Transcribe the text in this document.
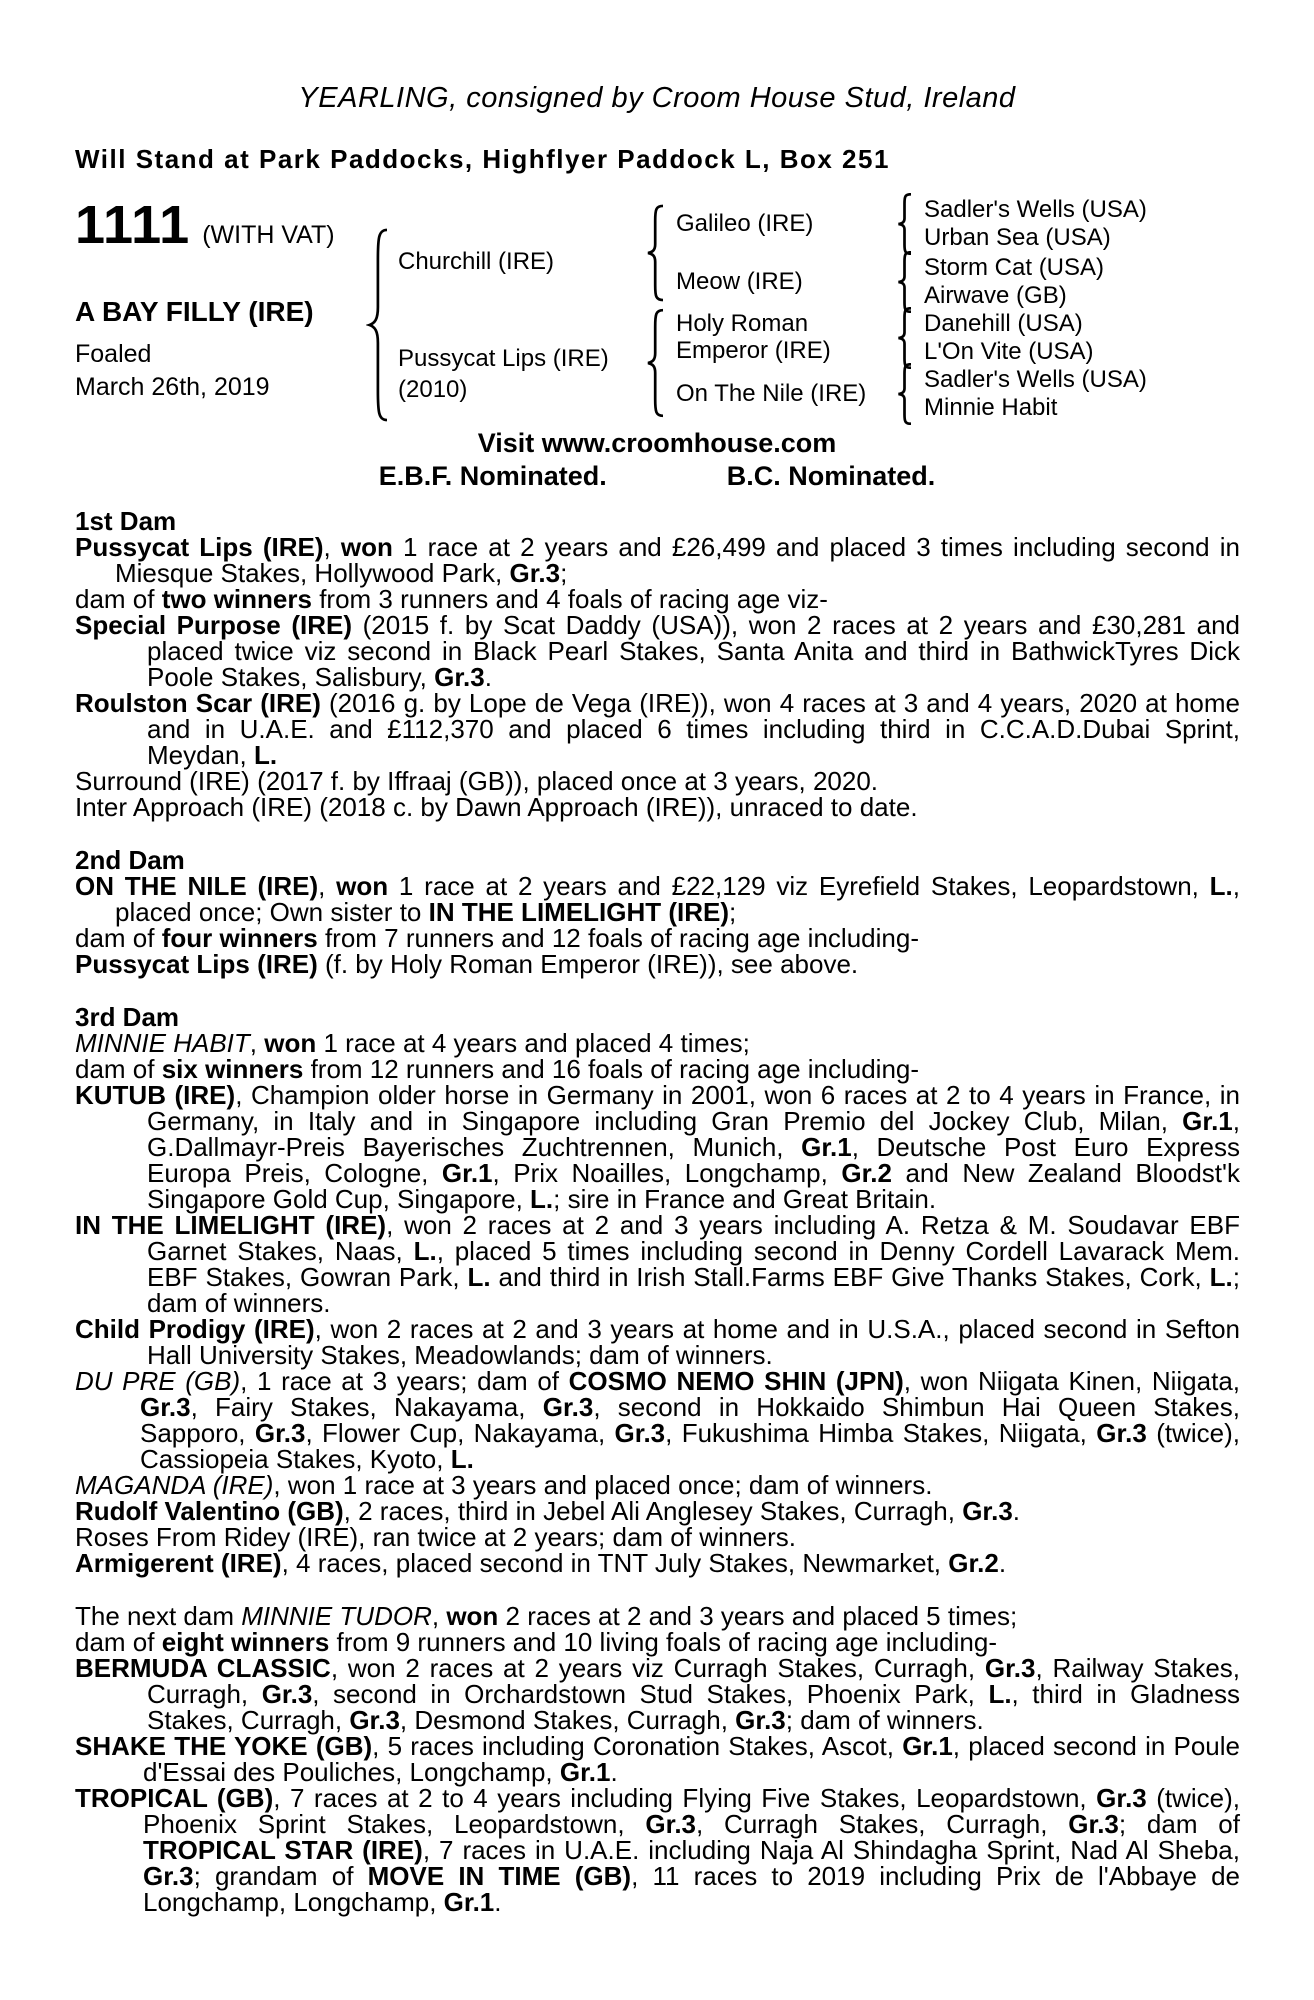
YEARLING, consigned by Croom House Stud, Ireland
Will Stand at Park Paddocks, Highflyer Paddock L, Box 251
1111 (WITH VAT)
A BAY FILLY (IRE)
Foaled
March 26th, 2019
Churchill (IRE)
Pussycat Lips (IRE)
(2010)
Galileo (IRE)
Meow (IRE)
Holy Roman Emperor (IRE)
On The Nile (IRE)
Sadler's Wells (USA)
Urban Sea (USA)
Storm Cat (USA)
Airwave (GB)
Danehill (USA)
L'On Vite (USA)
Sadler's Wells (USA)
Minnie Habit
Visit www.croomhouse.com
E.B.F. Nominated.	B.C. Nominated.
1st Dam

Pussycat Lips (IRE), won 1 race at 2 years and £26,499 and placed 3 times including second in Miesque Stakes, Hollywood Park, Gr.3;

dam of two winners from 3 runners and 4 foals of racing age viz-

Special Purpose (IRE) (2015 f. by Scat Daddy (USA)), won 2 races at 2 years and £30,281 and placed twice viz second in Black Pearl Stakes, Santa Anita and third in BathwickTyres Dick Poole Stakes, Salisbury, Gr.3.

Roulston Scar (IRE) (2016 g. by Lope de Vega (IRE)), won 4 races at 3 and 4 years, 2020 at home and in U.A.E. and £112,370 and placed 6 times including third in C.C.A.D.Dubai Sprint, Meydan, L.

Surround (IRE) (2017 f. by Iffraaj (GB)), placed once at 3 years, 2020.

Inter Approach (IRE) (2018 c. by Dawn Approach (IRE)), unraced to date.

2nd Dam

ON THE NILE (IRE), won 1 race at 2 years and £22,129 viz Eyrefield Stakes, Leopardstown, L., placed once; Own sister to IN THE LIMELIGHT (IRE);

dam of four winners from 7 runners and 12 foals of racing age including-

Pussycat Lips (IRE) (f. by Holy Roman Emperor (IRE)), see above.

3rd Dam

MINNIE HABIT, won 1 race at 4 years and placed 4 times;

dam of six winners from 12 runners and 16 foals of racing age including-

KUTUB (IRE), Champion older horse in Germany in 2001, won 6 races at 2 to 4 years in France, in Germany, in Italy and in Singapore including Gran Premio del Jockey Club, Milan, Gr.1, G.Dallmayr-Preis Bayerisches Zuchtrennen, Munich, Gr.1, Deutsche Post Euro Express Europa Preis, Cologne, Gr.1, Prix Noailles, Longchamp, Gr.2 and New Zealand Bloodst'k Singapore Gold Cup, Singapore, L.; sire in France and Great Britain.

IN THE LIMELIGHT (IRE), won 2 races at 2 and 3 years including A. Retza & M. Soudavar EBF Garnet Stakes, Naas, L., placed 5 times including second in Denny Cordell Lavarack Mem. EBF Stakes, Gowran Park, L. and third in Irish Stall.Farms EBF Give Thanks Stakes, Cork, L.; dam of winners.

Child Prodigy (IRE), won 2 races at 2 and 3 years at home and in U.S.A., placed second in Sefton Hall University Stakes, Meadowlands; dam of winners.

DU PRE (GB), 1 race at 3 years; dam of COSMO NEMO SHIN (JPN), won Niigata Kinen, Niigata, Gr.3, Fairy Stakes, Nakayama, Gr.3, second in Hokkaido Shimbun Hai Queen Stakes, Sapporo, Gr.3, Flower Cup, Nakayama, Gr.3, Fukushima Himba Stakes, Niigata, Gr.3 (twice), Cassiopeia Stakes, Kyoto, L.

MAGANDA (IRE), won 1 race at 3 years and placed once; dam of winners.

Rudolf Valentino (GB), 2 races, third in Jebel Ali Anglesey Stakes, Curragh, Gr.3.

Roses From Ridey (IRE), ran twice at 2 years; dam of winners.

Armigerent (IRE), 4 races, placed second in TNT July Stakes, Newmarket, Gr.2.

The next dam MINNIE TUDOR, won 2 races at 2 and 3 years and placed 5 times;

dam of eight winners from 9 runners and 10 living foals of racing age including-

BERMUDA CLASSIC, won 2 races at 2 years viz Curragh Stakes, Curragh, Gr.3, Railway Stakes, Curragh, Gr.3, second in Orchardstown Stud Stakes, Phoenix Park, L., third in Gladness Stakes, Curragh, Gr.3, Desmond Stakes, Curragh, Gr.3; dam of winners.

SHAKE THE YOKE (GB), 5 races including Coronation Stakes, Ascot, Gr.1, placed second in Poule d'Essai des Pouliches, Longchamp, Gr.1.

TROPICAL (GB), 7 races at 2 to 4 years including Flying Five Stakes, Leopardstown, Gr.3 (twice), Phoenix Sprint Stakes, Leopardstown, Gr.3, Curragh Stakes, Curragh, Gr.3; dam of TROPICAL STAR (IRE), 7 races in U.A.E. including Naja Al Shindagha Sprint, Nad Al Sheba, Gr.3; grandam of MOVE IN TIME (GB), 11 races to 2019 including Prix de l'Abbaye de Longchamp, Longchamp, Gr.1.
